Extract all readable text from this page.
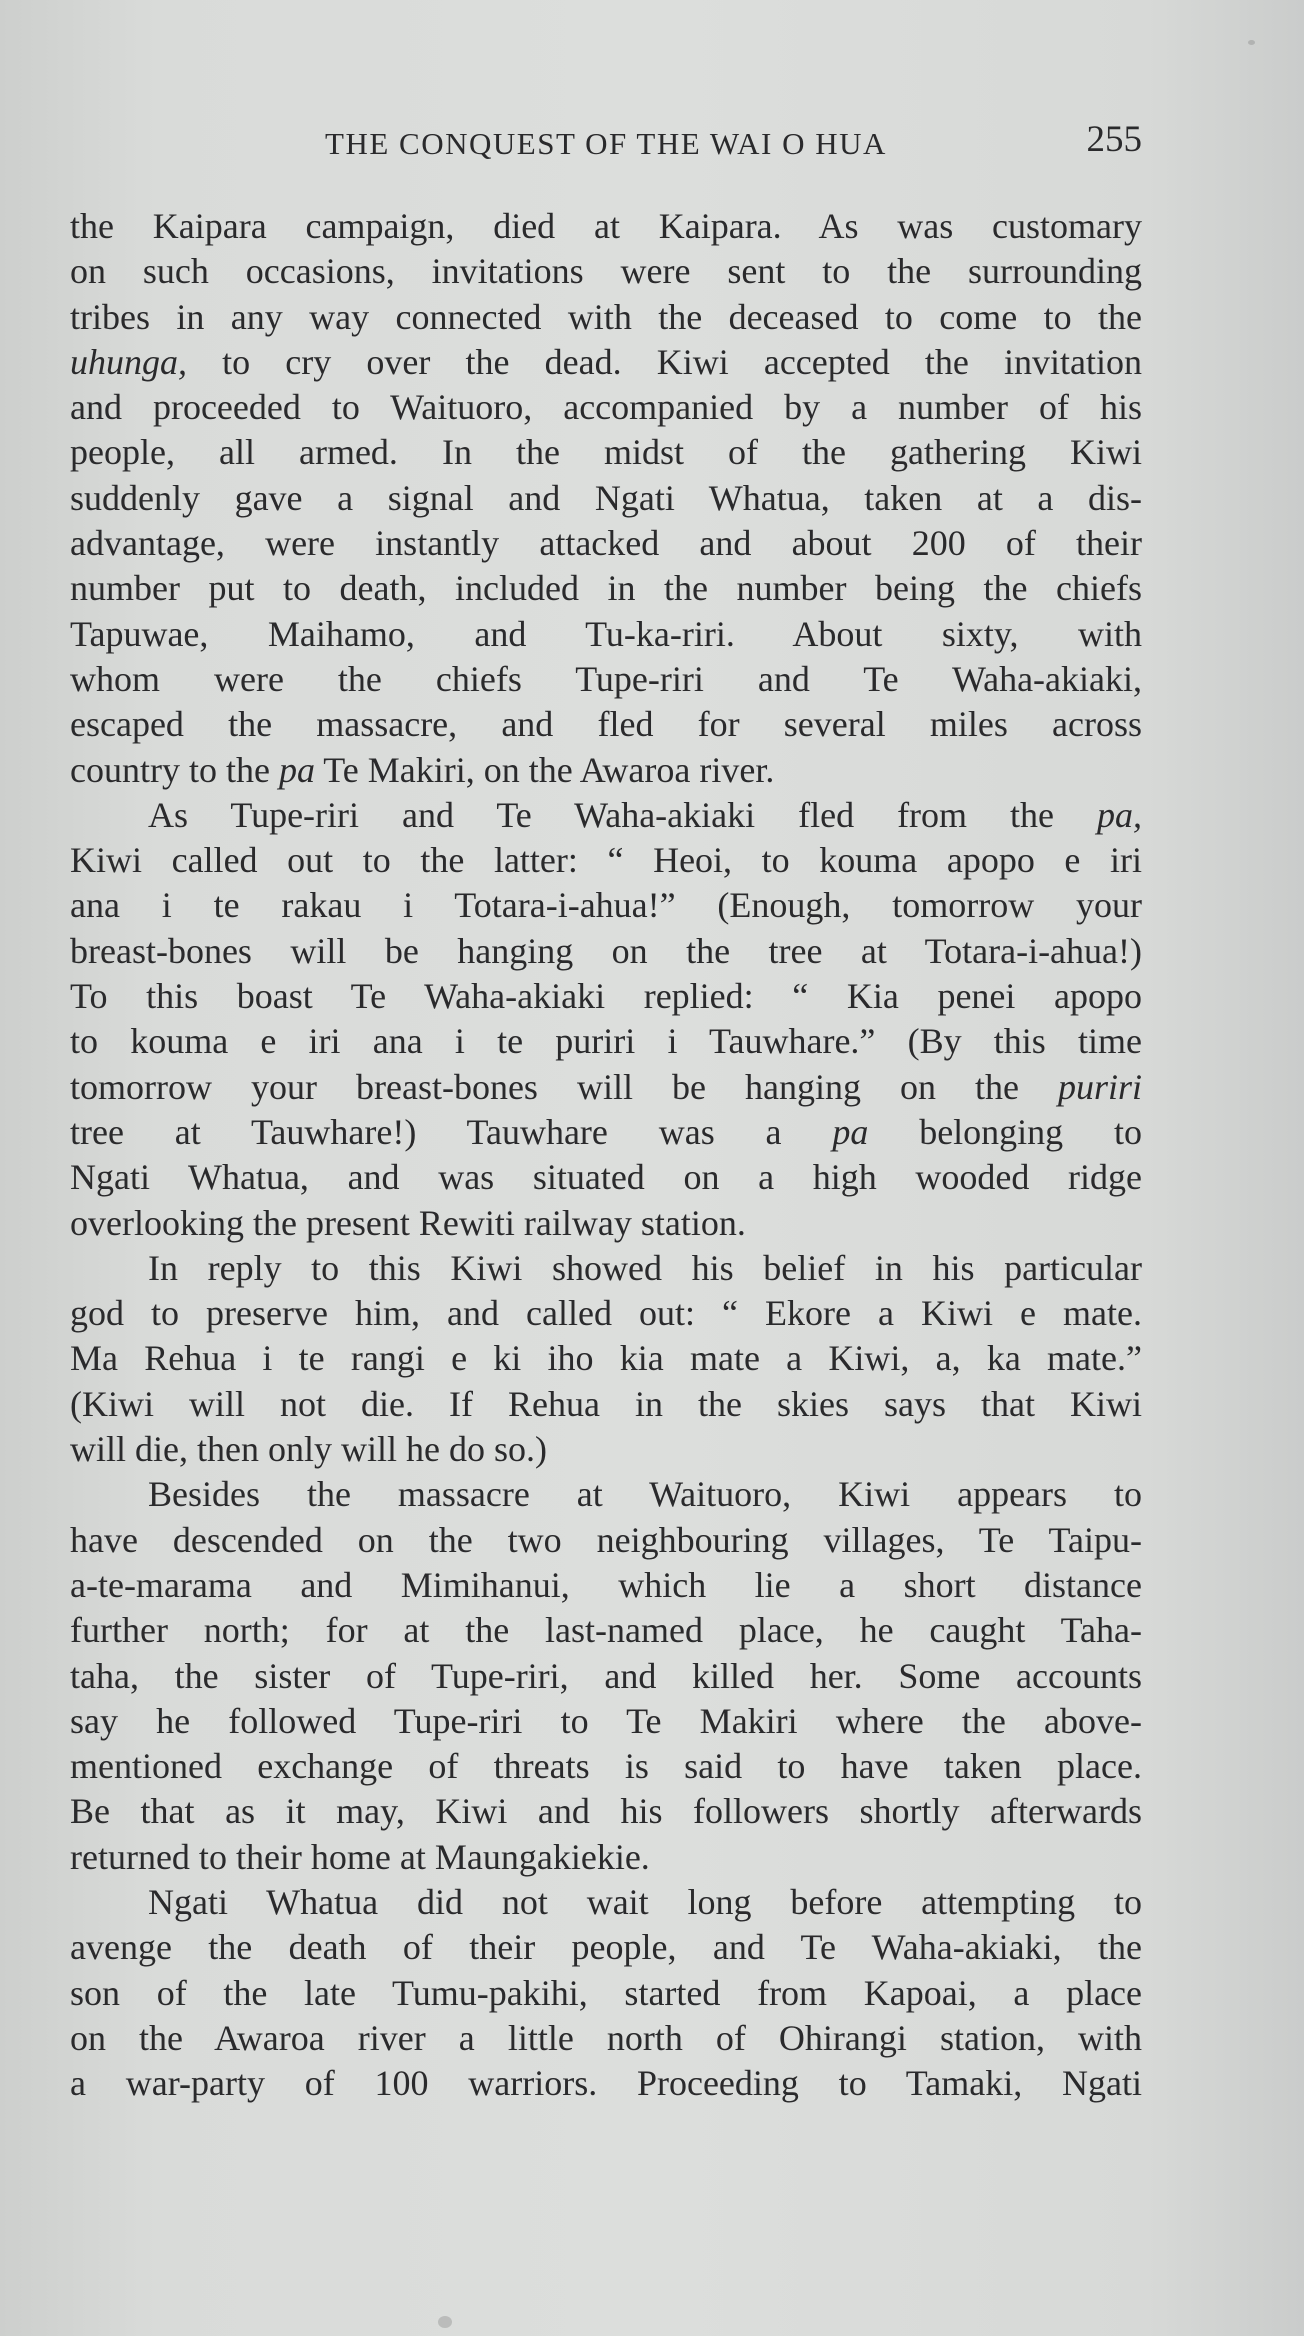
THE CONQUEST OF THE WAI O HUA	255
the Kaipara campaign, died at Kaipara. As was customary
on such occasions, invitations were sent to the surrounding
tribes in any way connected with the deceased to come to the
uhunga, to cry over the dead. Kiwi accepted the invitation
and proceeded to Waituoro, accompanied by a number of his
people, all armed. In the midst of the gathering Kiwi
suddenly gave a signal and Ngati Whatua, taken at a dis-
advantage, were instantly attacked and about 200 of their
number put to death, included in the number being the chiefs
Tapuwae, Maihamo, and Tu-ka-riri. About sixty, with
whom were the chiefs Tupe-riri and Te Waha-akiaki,
escaped the massacre, and fled for several miles across
country to the pa Te Makiri, on the Awaroa river.
As Tupe-riri and Te Waha-akiaki fled from the pa,
Kiwi called out to the latter: “ Heoi, to kouma apopo e iri
ana i te rakau i Totara-i-ahua!” (Enough, tomorrow your
breast-bones will be hanging on the tree at Totara-i-ahua!)
To this boast Te Waha-akiaki replied: “ Kia penei apopo
to kouma e iri ana i te puriri i Tauwhare.” (By this time
tomorrow your breast-bones will be hanging on the puriri
tree at Tauwhare!) Tauwhare was a pa belonging to
Ngati Whatua, and was situated on a high wooded ridge
overlooking the present Rewiti railway station.
In reply to this Kiwi showed his belief in his particular
god to preserve him, and called out: “ Ekore a Kiwi e mate.
Ma Rehua i te rangi e ki iho kia mate a Kiwi, a, ka mate.”
(Kiwi will not die. If Rehua in the skies says that Kiwi
will die, then only will he do so.)
Besides the massacre at Waituoro, Kiwi appears to
have descended on the two neighbouring villages, Te Taipu-
a-te-marama and Mimihanui, which lie a short distance
further north; for at the last-named place, he caught Taha-
taha, the sister of Tupe-riri, and killed her. Some accounts
say he followed Tupe-riri to Te Makiri where the above-
mentioned exchange of threats is said to have taken place.
Be that as it may, Kiwi and his followers shortly afterwards
returned to their home at Maungakiekie.
Ngati Whatua did not wait long before attempting to
avenge the death of their people, and Te Waha-akiaki, the
son of the late Tumu-pakihi, started from Kapoai, a place
on the Awaroa river a little north of Ohirangi station, with
a war-party of 100 warriors. Proceeding to Tamaki, Ngati
